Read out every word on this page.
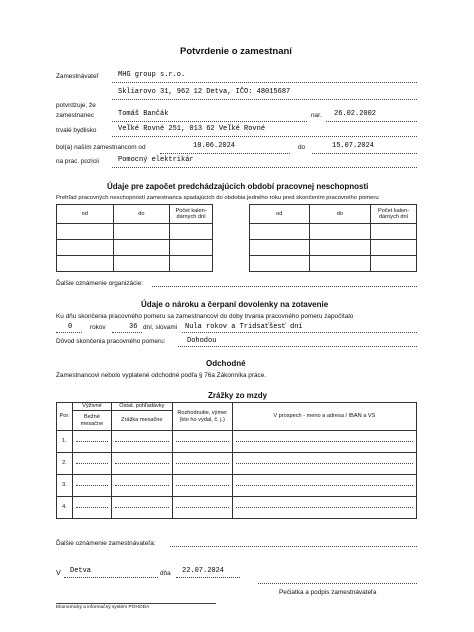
Potvrdenie o zamestnaní
Zamestnávateľ	MHG group s.r.o.
Skliarovo 31, 962 12 Detva, IČO: 48015687
potvrdzuje, že
zamestnanec	Tomáš Bančák	nar. 26.02.2002
trvalé bydlisko	Veľké Rovné 251, 013 62 Veľké Rovné
bol(a) naším zamestnancom od	10.06.2024	do	15.07.2024
na prac. pozícii	Pomocný elektrikár
Údaje pre započet predchádzajúcich období pracovnej neschopnosti
Prehľad pracovných neschopností zamestnanca spadajúcich do obdobia jedného roku pred skončením pracovného pomeru
od	do	Počet kalen-dárnych dní

od	do	Počet kalen-dárnych dní

Ďalšie oznámenie organizácie:
Údaje o nároku a čerpaní dovolenky na zotavenie
Ku dňu skončenia pracovného pomeru sa zamestnancovi do doby trvania pracovného pomeru započítalo
0	rokov	36 dní, slovami Nula rokov a Tridsaťšesť dní
Dôvod skončenia pracovného pomeru:	Dohodou
Odchodné
Zamestnancovi nebolo vyplatené odchodné podľa § 76a Zákonníka práce.
Zrážky zo mzdy
Por.	Výživné	Ostat. pohľadávky	Rozhodnutie, výmer (kto ho vydal, č. j.)	V prospech - meno a adresa / IBAN a VS
	Bežné mesačne	Zrážka mesačne		
1.	

2.	

3.	

4.	

Ďalšie oznámenie zamestnávateľa:
V Detva	dňa 22.07.2024
Pečiatka a podpis zamestnávateľa
Ekonomický a informačný systém POHODA
